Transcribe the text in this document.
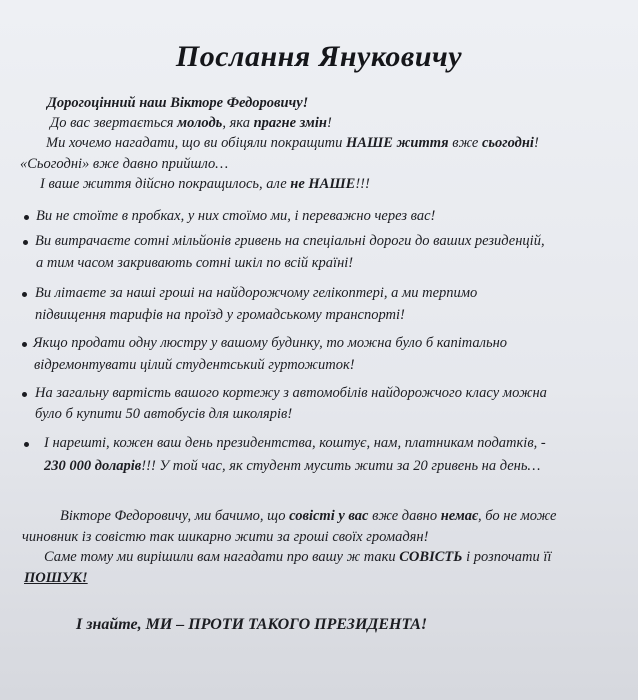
Послання Януковичу
Дорогоцінний наш Вікторе Федоровичу!
До вас звертається молодь, яка прагне змін!
Ми хочемо нагадати, що ви обіцяли покращити НАШЕ життя вже сьогодні!
«Сьогодні» вже давно прийшло…
І ваше життя дійсно покращилось, але не НАШЕ!!!
Ви не стоїте в пробках, у них стоїмо ми, і переважно через вас!
Ви витрачаєте сотні мільйонів гривень на спеціальні дороги до ваших резиденцій,
а тим часом закривають сотні шкіл по всій країні!
Ви літаєте за наші гроші на найдорожчому гелікоптері, а ми терпимо
підвищення тарифів на проїзд у громадському транспорті!
Якщо продати одну люстру у вашому будинку, то можна було б капітально
відремонтувати цілий студентський гуртожиток!
На загальну вартість вашого кортежу з автомобілів найдорожчого класу можна
було б купити 50 автобусів для школярів!
І нарешті, кожен ваш день президентства, коштує, нам, платникам податків, -
230 000 доларів!!! У той час, як студент мусить жити за 20 гривень на день…
Вікторе Федоровичу, ми бачимо, що совісті у вас вже давно немає, бо не може
чиновник із совістю так шикарно жити за гроші своїх громадян!
Саме тому ми вирішили вам нагадати про вашу ж таки СОВІСТЬ і розпочати її
ПОШУК!
І знайте, МИ – ПРОТИ ТАКОГО ПРЕЗИДЕНТА!
